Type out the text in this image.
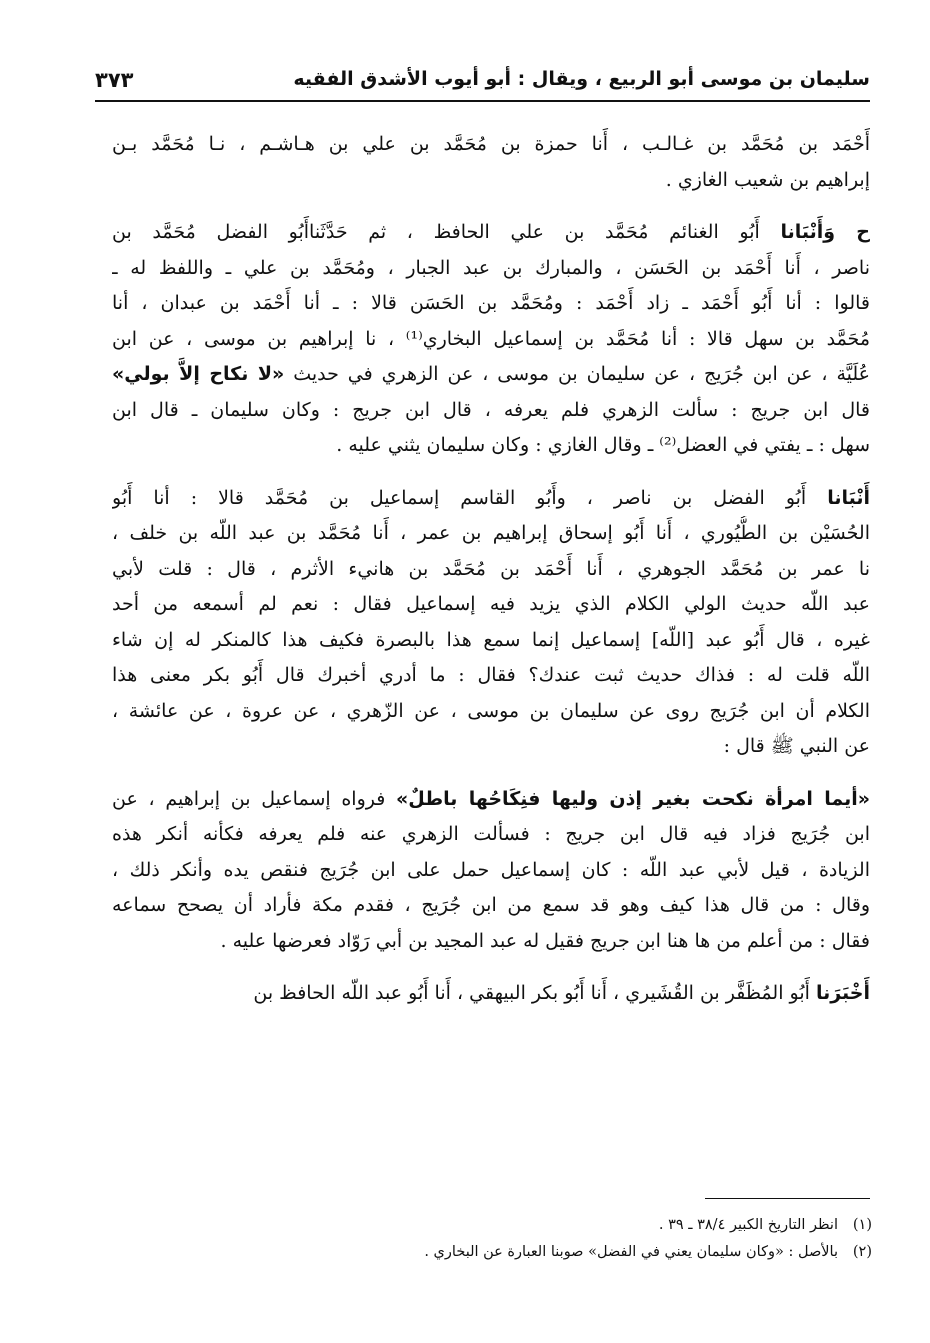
سليمان بن موسى أبو الربيع ، ويقال : أبو أيوب الأشدق الفقيه
٣٧٣
أَحْمَد بن مُحَمَّد بن غـالـب ، أَنا حمزة بن مُحَمَّد بن علي بن هـاشـم ، نـا مُحَمَّد بـن
إبراهيم بن شعيب الغازي .
ح وَأَنْبَانا أَبُو الغنائم مُحَمَّد بن علي الحافظ ، ثم حَدَّثَناأَبُو الفضل مُحَمَّد بن
ناصر ، أَنا أَحْمَد بن الحَسَن ، والمبارك بن عبد الجبار ، ومُحَمَّد بن علي ـ واللفظ له ـ
قالوا : أنا أَبُو أَحْمَد ـ زاد أَحْمَد : ومُحَمَّد بن الحَسَن قالا : ـ أنا أَحْمَد بن عبدان ، أنا
مُحَمَّد بن سهل قالا : أنا مُحَمَّد بن إسماعيل البخاري⁽¹⁾ ، نا إبراهيم بن موسى ، عن ابن
عُلَيَّة ، عن ابن جُرَيج ، عن سليمان بن موسى ، عن الزهري في حديث «لا نكاح إلاَّ بولي»
قال ابن جريج : سألت الزهري فلم يعرفه ، قال ابن جريج : وكان سليمان ـ قال ابن
سهل : ـ يفتي في العضل⁽²⁾ ـ وقال الغازي : وكان سليمان يثني عليه .
أَنْبَانا أَبُو الفضل بن ناصر ، وأَبُو القاسم إسماعيل بن مُحَمَّد قالا : أنا أَبُو
الحُسَيْن بن الطُّيُوري ، أَنا أَبُو إسحاق إبراهيم بن عمر ، أَنا مُحَمَّد بن عبد اللّه بن خلف ،
نا عمر بن مُحَمَّد الجوهري ، أَنا أَحْمَد بن مُحَمَّد بن هانيء الأثرم ، قال : قلت لأبي
عبد اللّه حديث الولي الكلام الذي يزيد فيه إسماعيل فقال : نعم لم أسمعه من أحد
غيره ، قال أَبُو عبد [اللّه] إسماعيل إنما سمع هذا بالبصرة فكيف هذا كالمنكر له إن شاء
اللّه قلت له : فذاك حديث ثبت عندك؟ فقال : ما أدري أخبرك قال أَبُو بكر معنى هذا
الكلام أن ابن جُرَيج روى عن سليمان بن موسى ، عن الزّهري ، عن عروة ، عن عائشة ،
عن النبي ﷺ قال :
«أيما امرأة نكحت بغير إذن وليها فنِكَاحُها باطلٌ» فرواه إسماعيل بن إبراهيم ، عن
ابن جُرَيج فزاد فيه قال ابن جريج : فسألت الزهري عنه فلم يعرفه فكأنه أنكر هذه
الزيادة ، قيل لأبي عبد اللّه : كان إسماعيل حمل على ابن جُرَيج فنقص يده وأنكر ذلك ،
وقال : من قال هذا كيف وهو قد سمع من ابن جُرَيج ، فقدم مكة فأراد أن يصحح سماعه
فقال : من أعلم من ها هنا ابن جريج فقيل له عبد المجيد بن أبي رَوّاد فعرضها عليه .
أَخْبَرَنا أَبُو المُظَفَّر بن القُشَيري ، أَنا أَبُو بكر البيهقي ، أَنا أَبُو عبد اللّه الحافظ بن
(١)انظر التاريخ الكبير ٣٨/٤ ـ ٣٩ .
(٢)بالأصل : «وكان سليمان يعني في الفضل» صوبنا العبارة عن البخاري .
